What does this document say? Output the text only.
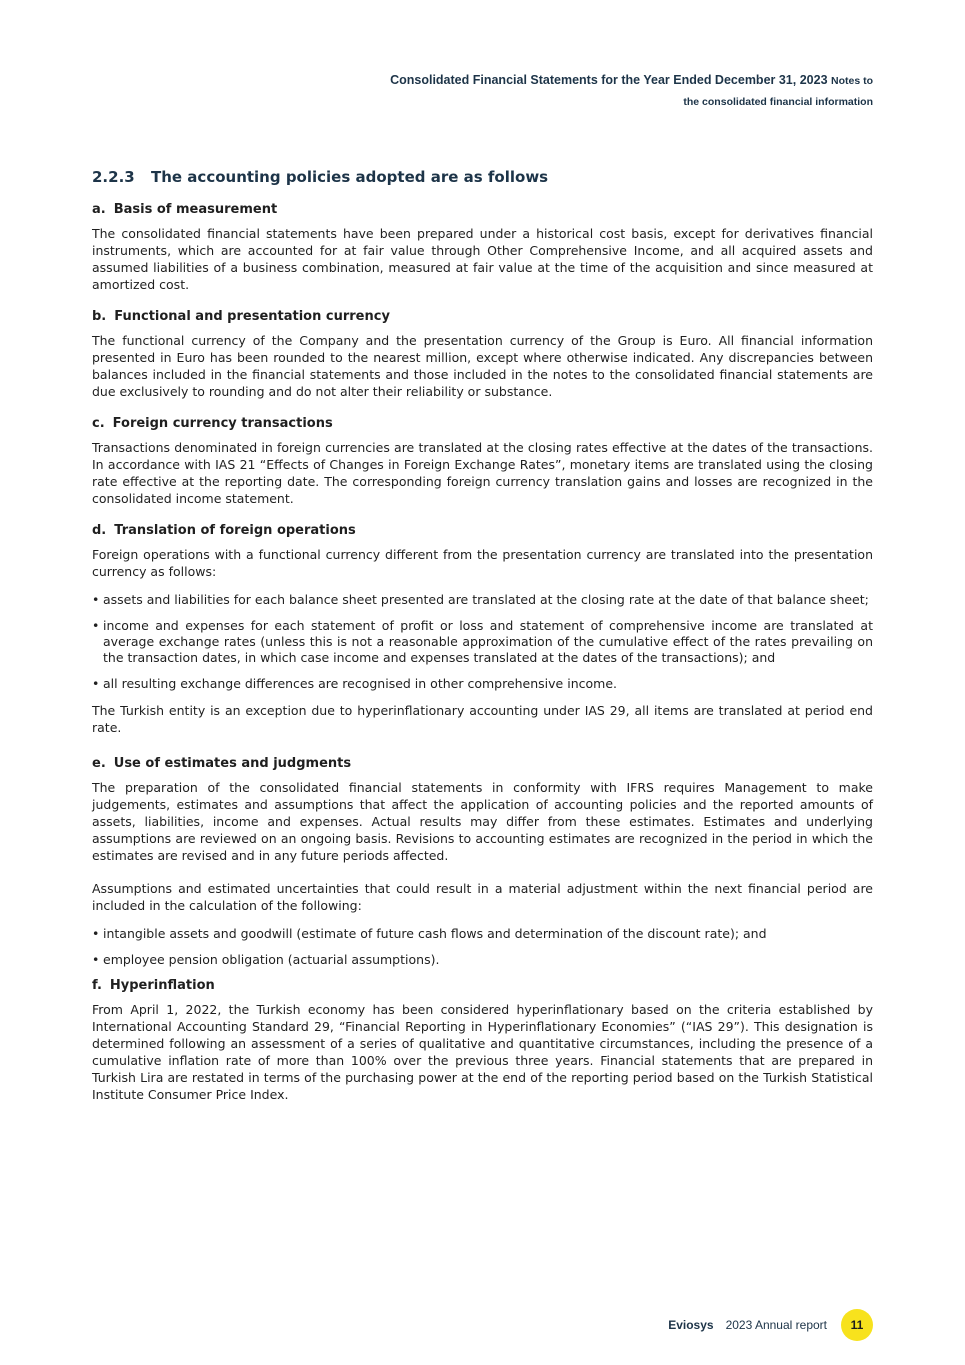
Consolidated Financial Statements for the Year Ended December 31, 2023 Notes to
the consolidated financial information
2.2.3 The accounting policies adopted are as follows
a. Basis of measurement

The consolidated financial statements have been prepared under a historical cost basis, except for derivatives financial instruments, which are accounted for at fair value through Other Comprehensive Income, and all acquired assets and assumed liabilities of a business combination, measured at fair value at the time of the acquisition and since measured at amortized cost.

b. Functional and presentation currency

The functional currency of the Company and the presentation currency of the Group is Euro. All financial information presented in Euro has been rounded to the nearest million, except where otherwise indicated. Any discrepancies between balances included in the financial statements and those included in the notes to the consolidated financial statements are due exclusively to rounding and do not alter their reliability or substance.

c. Foreign currency transactions

Transactions denominated in foreign currencies are translated at the closing rates effective at the dates of the transactions. In accordance with IAS 21 “Effects of Changes in Foreign Exchange Rates”, monetary items are translated using the closing rate effective at the reporting date. The corresponding foreign currency translation gains and losses are recognized in the consolidated income statement.

d. Translation of foreign operations

Foreign operations with a functional currency different from the presentation currency are translated into the presentation currency as follows:

• assets and liabilities for each balance sheet presented are translated at the closing rate at the date of that balance sheet;
• income and expenses for each statement of profit or loss and statement of comprehensive income are translated at average exchange rates (unless this is not a reasonable approximation of the cumulative effect of the rates prevailing on the transaction dates, in which case income and expenses translated at the dates of the transactions); and
• all resulting exchange differences are recognised in other comprehensive income.

The Turkish entity is an exception due to hyperinflationary accounting under IAS 29, all items are translated at period end rate.

e. Use of estimates and judgments

The preparation of the consolidated financial statements in conformity with IFRS requires Management to make judgements, estimates and assumptions that affect the application of accounting policies and the reported amounts of assets, liabilities, income and expenses. Actual results may differ from these estimates. Estimates and underlying assumptions are reviewed on an ongoing basis. Revisions to accounting estimates are recognized in the period in which the estimates are revised and in any future periods affected.

Assumptions and estimated uncertainties that could result in a material adjustment within the next financial period are included in the calculation of the following:

• intangible assets and goodwill (estimate of future cash flows and determination of the discount rate); and
• employee pension obligation (actuarial assumptions).
f. Hyperinflation

From April 1, 2022, the Turkish economy has been considered hyperinflationary based on the criteria established by International Accounting Standard 29, “Financial Reporting in Hyperinflationary Economies” (“IAS 29”). This designation is determined following an assessment of a series of qualitative and quantitative circumstances, including the presence of a cumulative inflation rate of more than 100% over the previous three years. Financial statements that are prepared in Turkish Lira are restated in terms of the purchasing power at the end of the reporting period based on the Turkish Statistical Institute Consumer Price Index.

Eviosys 2023 Annual report	11
